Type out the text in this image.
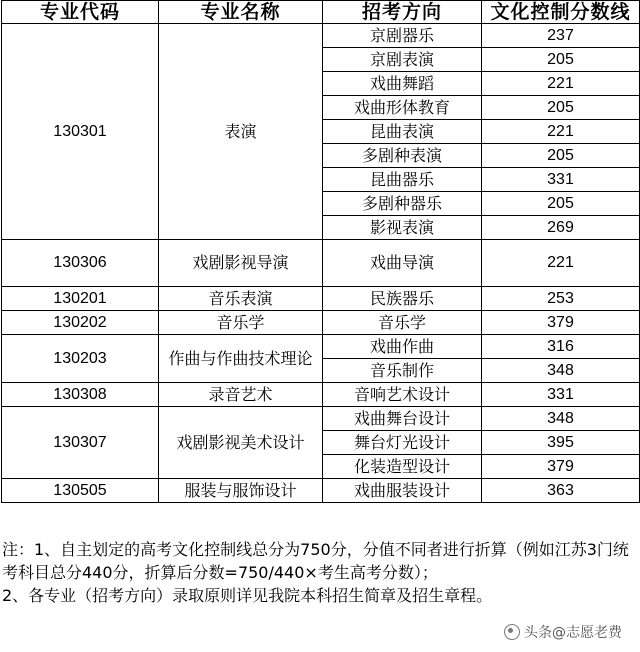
专业代码	专业名称	招考方向	文化控制分数线
130301	表演	京剧器乐	237
		京剧表演	205
		戏曲舞蹈	221
		戏曲形体教育	205
		昆曲表演	221
		多剧种表演	205
		昆曲器乐	331
		多剧种器乐	205
		影视表演	269
130306	戏剧影视导演	戏曲导演	221
130201	音乐表演	民族器乐	253
130202	音乐学	音乐学	379
130203	作曲与作曲技术理论	戏曲作曲	316
		音乐制作	348
130308	录音艺术	音响艺术设计	331
130307	戏剧影视美术设计	戏曲舞台设计	348
		舞台灯光设计	395
		化装造型设计	379
130505	服装与服饰设计	戏曲服装设计	363

注：1、自主划定的高考文化控制线总分为750分，分值不同者进行折算（例如江苏3门统考科目总分440分，折算后分数=750/440×考生高考分数）；

2、各专业（招考方向）录取原则详见我院本科招生简章及招生章程。

头条@志愿老费
